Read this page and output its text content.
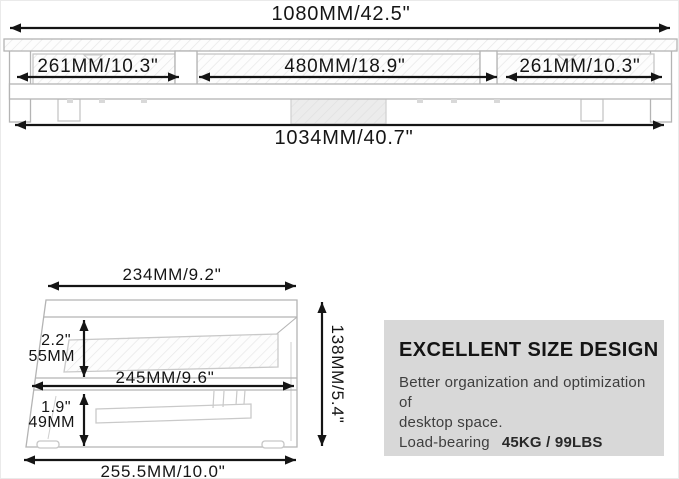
1080MM/42.5"
261MM/10.3"	480MM/18.9"	261MM/10.3"
1034MM/40.7"
234MM/9.2"
2.2"
55MM
245MM/9.6"
1.9"
49MM	138MM/5.4"
255.5MM/10.0"
EXCELLENT SIZE DESIGN
Better organization and optimization of
desktop space.
Load-bearing 45KG / 99LBS
